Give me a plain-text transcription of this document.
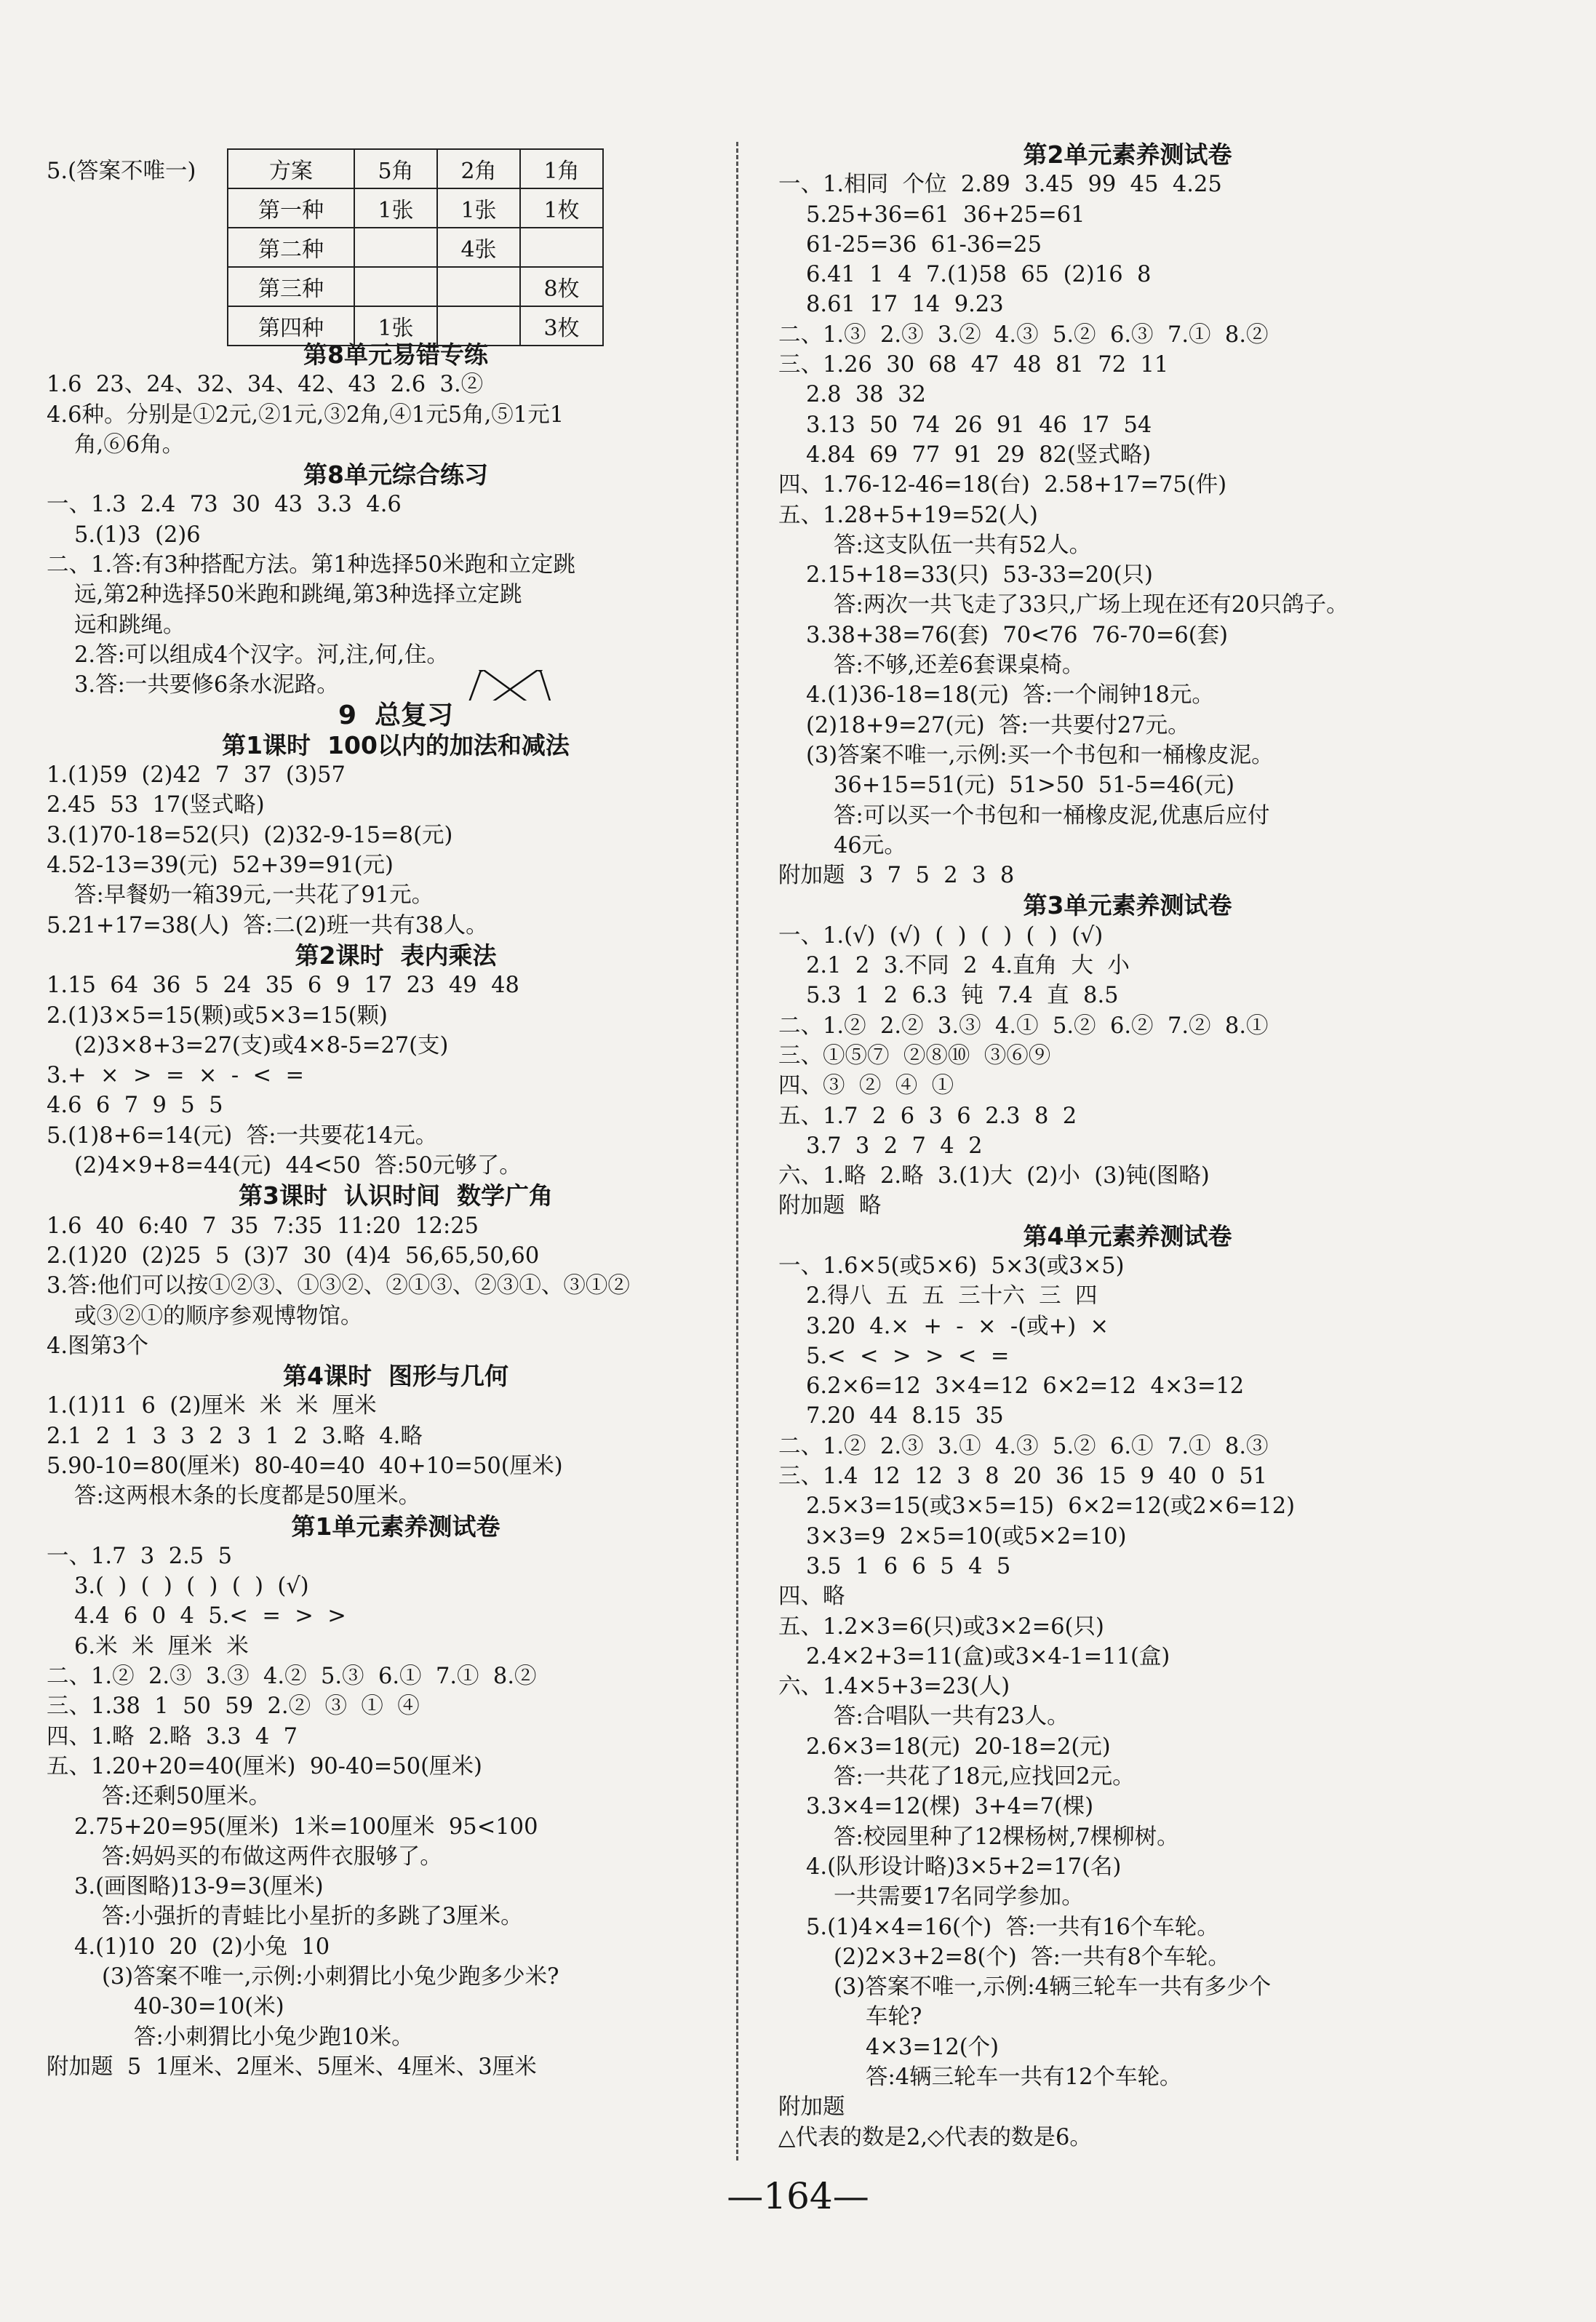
5.(答案不唯一)	方案	5角	2角	1角
第一种	1张	1张	1枚
第二种		4张	
第三种			8枚
第四种	1张		3枚
第8单元易错专练
1.6  23、24、32、34、42、43  2.6  3.②
4.6种。分别是①2元,②1元,③2角,④1元5角,⑤1元1
角,⑥6角。
第8单元综合练习
一、1.3  2.4  73  30  43  3.3  4.6
5.(1)3  (2)6
二、1.答:有3种搭配方法。第1种选择50米跑和立定跳
远,第2种选择50米跑和跳绳,第3种选择立定跳
远和跳绳。
2.答:可以组成4个汉字。河,注,何,住。
3.答:一共要修6条水泥路。
9  总复习
第1课时  100以内的加法和减法
1.(1)59  (2)42  7  37  (3)57
2.45  53  17(竖式略)
3.(1)70-18=52(只)  (2)32-9-15=8(元)
4.52-13=39(元)  52+39=91(元)
答:早餐奶一箱39元,一共花了91元。
5.21+17=38(人)  答:二(2)班一共有38人。
第2课时  表内乘法
1.15  64  36  5  24  35  6  9  17  23  49  48
2.(1)3×5=15(颗)或5×3=15(颗)
(2)3×8+3=27(支)或4×8-5=27(支)
3.+  ×  >  =  ×  -  <  =
4.6  6  7  9  5  5
5.(1)8+6=14(元)  答:一共要花14元。
(2)4×9+8=44(元)  44<50  答:50元够了。
第3课时  认识时间  数学广角
1.6  40  6:40  7  35  7:35  11:20  12:25
2.(1)20  (2)25  5  (3)7  30  (4)4  56,65,50,60
3.答:他们可以按①②③、①③②、②①③、②③①、③①②
或③②①的顺序参观博物馆。
4.图第3个
第4课时  图形与几何
1.(1)11  6  (2)厘米  米  米  厘米
2.1  2  1  3  3  2  3  1  2  3.略  4.略
5.90-10=80(厘米)  80-40=40  40+10=50(厘米)
答:这两根木条的长度都是50厘米。
第1单元素养测试卷
一、1.7  3  2.5  5
3.(  )  (  )  (  )  (  )  (√)
4.4  6  0  4  5.<  =  >  >
6.米  米  厘米  米
二、1.②  2.③  3.③  4.②  5.③  6.①  7.①  8.②
三、1.38  1  50  59  2.②  ③  ①  ④
四、1.略  2.略  3.3  4  7
五、1.20+20=40(厘米)  90-40=50(厘米)
答:还剩50厘米。
2.75+20=95(厘米)  1米=100厘米  95<100
答:妈妈买的布做这两件衣服够了。
3.(画图略)13-9=3(厘米)
答:小强折的青蛙比小星折的多跳了3厘米。
4.(1)10  20  (2)小兔  10
(3)答案不唯一,示例:小刺猬比小兔少跑多少米?
40-30=10(米)
答:小刺猬比小兔少跑10米。
附加题  5  1厘米、2厘米、5厘米、4厘米、3厘米
第2单元素养测试卷
一、1.相同  个位  2.89  3.45  99  45  4.25
5.25+36=61  36+25=61
61-25=36  61-36=25
6.41  1  4  7.(1)58  65  (2)16  8
8.61  17  14  9.23
二、1.③  2.③  3.②  4.③  5.②  6.③  7.①  8.②
三、1.26  30  68  47  48  81  72  11
2.8  38  32
3.13  50  74  26  91  46  17  54
4.84  69  77  91  29  82(竖式略)
四、1.76-12-46=18(台)  2.58+17=75(件)
五、1.28+5+19=52(人)
答:这支队伍一共有52人。
2.15+18=33(只)  53-33=20(只)
答:两次一共飞走了33只,广场上现在还有20只鸽子。
3.38+38=76(套)  70<76  76-70=6(套)
答:不够,还差6套课桌椅。
4.(1)36-18=18(元)  答:一个闹钟18元。
(2)18+9=27(元)  答:一共要付27元。
(3)答案不唯一,示例:买一个书包和一桶橡皮泥。
36+15=51(元)  51>50  51-5=46(元)
答:可以买一个书包和一桶橡皮泥,优惠后应付
46元。
附加题  3  7  5  2  3  8
第3单元素养测试卷
一、1.(√)  (√)  (  )  (  )  (  )  (√)
2.1  2  3.不同  2  4.直角  大  小
5.3  1  2  6.3  钝  7.4  直  8.5
二、1.②  2.②  3.③  4.①  5.②  6.②  7.②  8.①
三、①⑤⑦  ②⑧⑩  ③⑥⑨
四、③  ②  ④  ①
五、1.7  2  6  3  6  2.3  8  2
3.7  3  2  7  4  2
六、1.略  2.略  3.(1)大  (2)小  (3)钝(图略)
附加题  略
第4单元素养测试卷
一、1.6×5(或5×6)  5×3(或3×5)
2.得八  五  五  三十六  三  四
3.20  4.×  +  -  ×  -(或+)  ×
5.<  <  >  >  <  =
6.2×6=12  3×4=12  6×2=12  4×3=12
7.20  44  8.15  35
二、1.②  2.③  3.①  4.③  5.②  6.①  7.①  8.③
三、1.4  12  12  3  8  20  36  15  9  40  0  51
2.5×3=15(或3×5=15)  6×2=12(或2×6=12)
3×3=9  2×5=10(或5×2=10)
3.5  1  6  6  5  4  5
四、略
五、1.2×3=6(只)或3×2=6(只)
2.4×2+3=11(盒)或3×4-1=11(盒)
六、1.4×5+3=23(人)
答:合唱队一共有23人。
2.6×3=18(元)  20-18=2(元)
答:一共花了18元,应找回2元。
3.3×4=12(棵)  3+4=7(棵)
答:校园里种了12棵杨树,7棵柳树。
4.(队形设计略)3×5+2=17(名)
一共需要17名同学参加。
5.(1)4×4=16(个)  答:一共有16个车轮。
(2)2×3+2=8(个)  答:一共有8个车轮。
(3)答案不唯一,示例:4辆三轮车一共有多少个
车轮?
4×3=12(个)
答:4辆三轮车一共有12个车轮。
附加题
△代表的数是2,◇代表的数是6。
—164—
